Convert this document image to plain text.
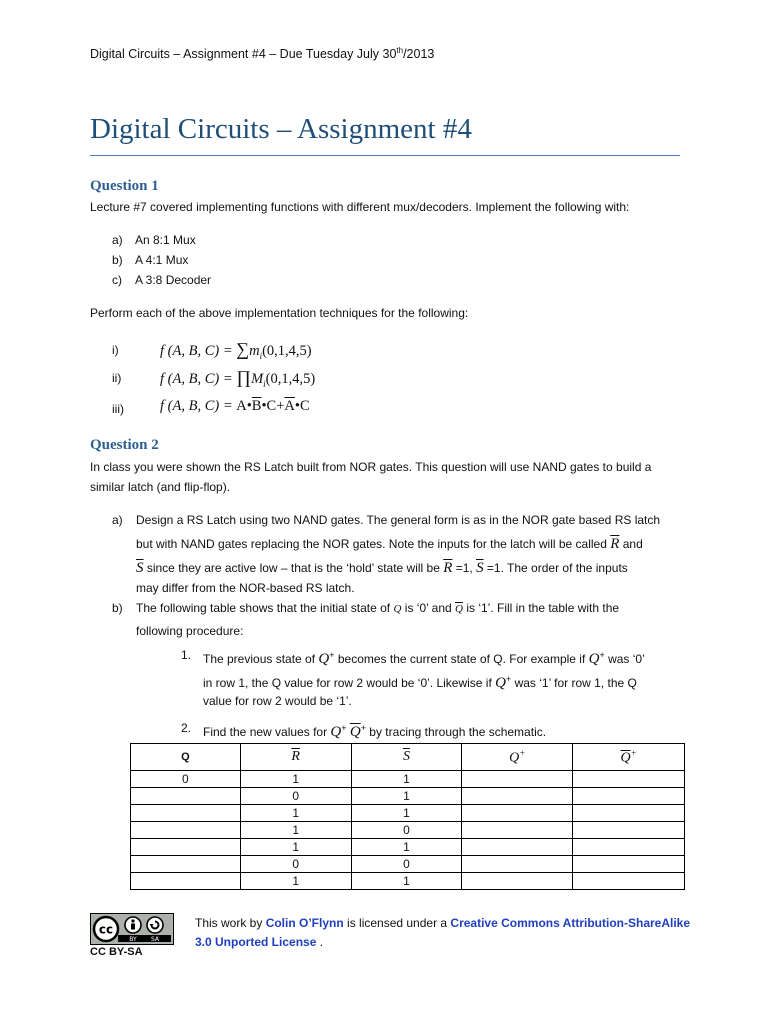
Digital Circuits – Assignment #4 – Due Tuesday July 30th/2013
Digital Circuits – Assignment #4
Question 1
Lecture #7 covered implementing functions with different mux/decoders. Implement the following with:
a) An 8:1 Mux
b) A 4:1 Mux
c) A 3:8 Decoder
Perform each of the above implementation techniques for the following:
i)	f (A, B, $C) = \sum m_i(0,1,4,5)$
ii)	f (A, B, $C) = \prod M_i(0,1,4,5)$
iii) f (A, B, $C) = A•\overline{B}•C+\overline{A}•C$
Question 2
In class you were shown the RS Latch built from NOR gates. This question will use NAND gates to build a
similar latch (and flip-flop).
a) Design a RS Latch using two NAND gates. The general form is as in the NOR gate based RS latch
but with NAND gates replacing the NOR gates. Note the inputs for the latch will be called $\overline{R}$ and
$\overline{S}$ since they are active low – that is the ‘hold’ state will be $\overline{R} =1$, $\overline{S} =1$. The order of the inputs
may differ from the NOR-based RS latch.
b) The following table shows that the initial state of Q is ‘0’ and $\overline{Q}$ is ‘1’. Fill in the table with the
following procedure:
1. The previous state of Q+ becomes the current state of Q. For example if Q+ was ‘0’
in row 1, the Q value for row 2 would be ‘0’. Likewise if Q+ was ‘1’ for row 1, the Q
value for row 2 would be ‘1’.
2. Find the new values for Q+ $\overline{Q}^+$ by tracing through the schematic.
Q	$\overline{R}$	$\overline{S}$	Q+	$\overline{Q}^+$
0	1	1		
	0	1		
	1	1		
	1	0		
	1	1		
	0	0		
	1	1		
cc
BY SA
CC BY-SA
This work by Colin O’Flynn is licensed under a Creative Commons Attribution-ShareAlike
3.0 Unported License .
